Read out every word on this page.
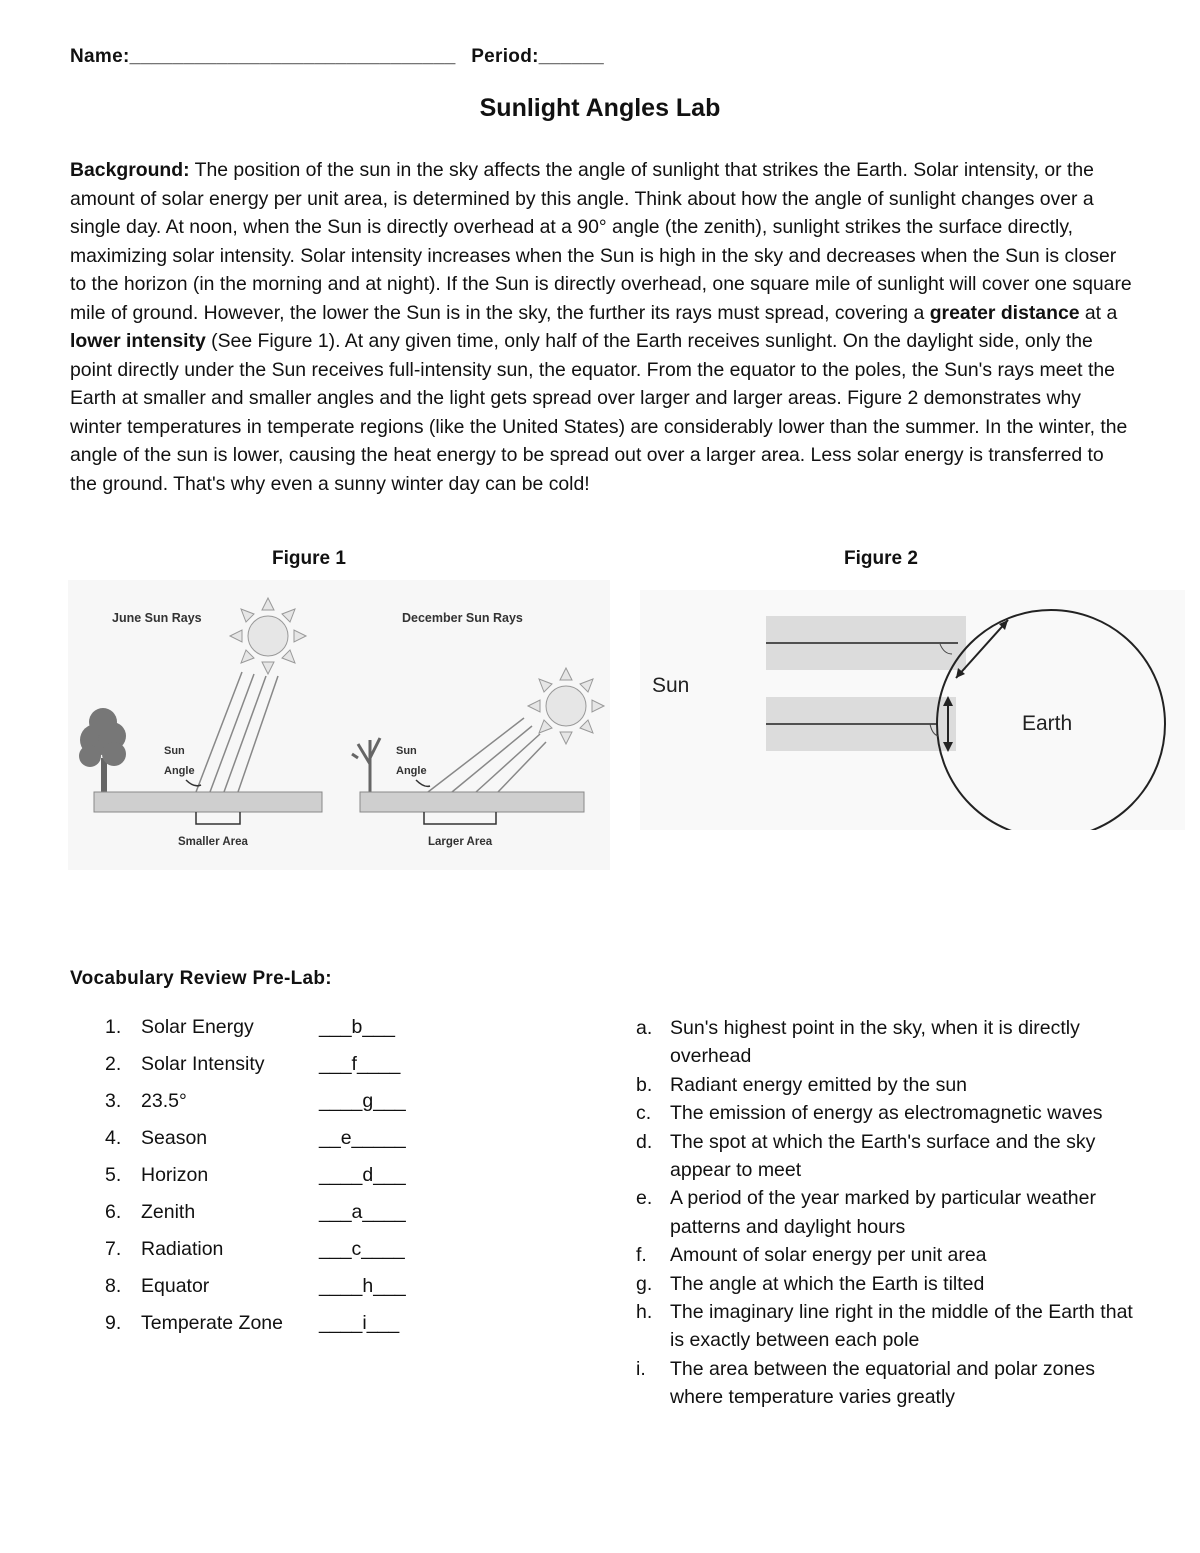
Name:______________________________ Period:______
Sunlight Angles Lab
Background: The position of the sun in the sky affects the angle of sunlight that strikes the Earth. Solar intensity, or the amount of solar energy per unit area, is determined by this angle. Think about how the angle of sunlight changes over a single day. At noon, when the Sun is directly overhead at a 90° angle (the zenith), sunlight strikes the surface directly, maximizing solar intensity. Solar intensity increases when the Sun is high in the sky and decreases when the Sun is closer to the horizon (in the morning and at night). If the Sun is directly overhead, one square mile of sunlight will cover one square mile of ground. However, the lower the Sun is in the sky, the further its rays must spread, covering a greater distance at a lower intensity (See Figure 1). At any given time, only half of the Earth receives sunlight. On the daylight side, only the point directly under the Sun receives full-intensity sun, the equator. From the equator to the poles, the Sun's rays meet the Earth at smaller and smaller angles and the light gets spread over larger and larger areas. Figure 2 demonstrates why winter temperatures in temperate regions (like the United States) are considerably lower than the summer. In the winter, the angle of the sun is lower, causing the heat energy to be spread out over a larger area. Less solar energy is transferred to the ground. That's why even a sunny winter day can be cold!
Figure 1	Figure 2
June Sun Rays
Sun
Angle
Smaller Area
December Sun Rays
Sun
Angle
Larger Area
Sun
Earth
Vocabulary Review Pre-Lab:
1. Solar Energy	___b___
2. Solar Intensity	___f____
3. 23.5°	____g___
4. Season	__e_____
5. Horizon	____d___
6. Zenith	___a____
7. Radiation	___c____
8. Equator	____h___
9. Temperate Zone ____i___
a. Sun's highest point in the sky, when it is directly overhead
b. Radiant energy emitted by the sun
c. The emission of energy as electromagnetic waves
d. The spot at which the Earth's surface and the sky appear to meet
e. A period of the year marked by particular weather patterns and daylight hours
f. Amount of solar energy per unit area
g. The angle at which the Earth is tilted
h. The imaginary line right in the middle of the Earth that is exactly between each pole
i. The area between the equatorial and polar zones where temperature varies greatly
